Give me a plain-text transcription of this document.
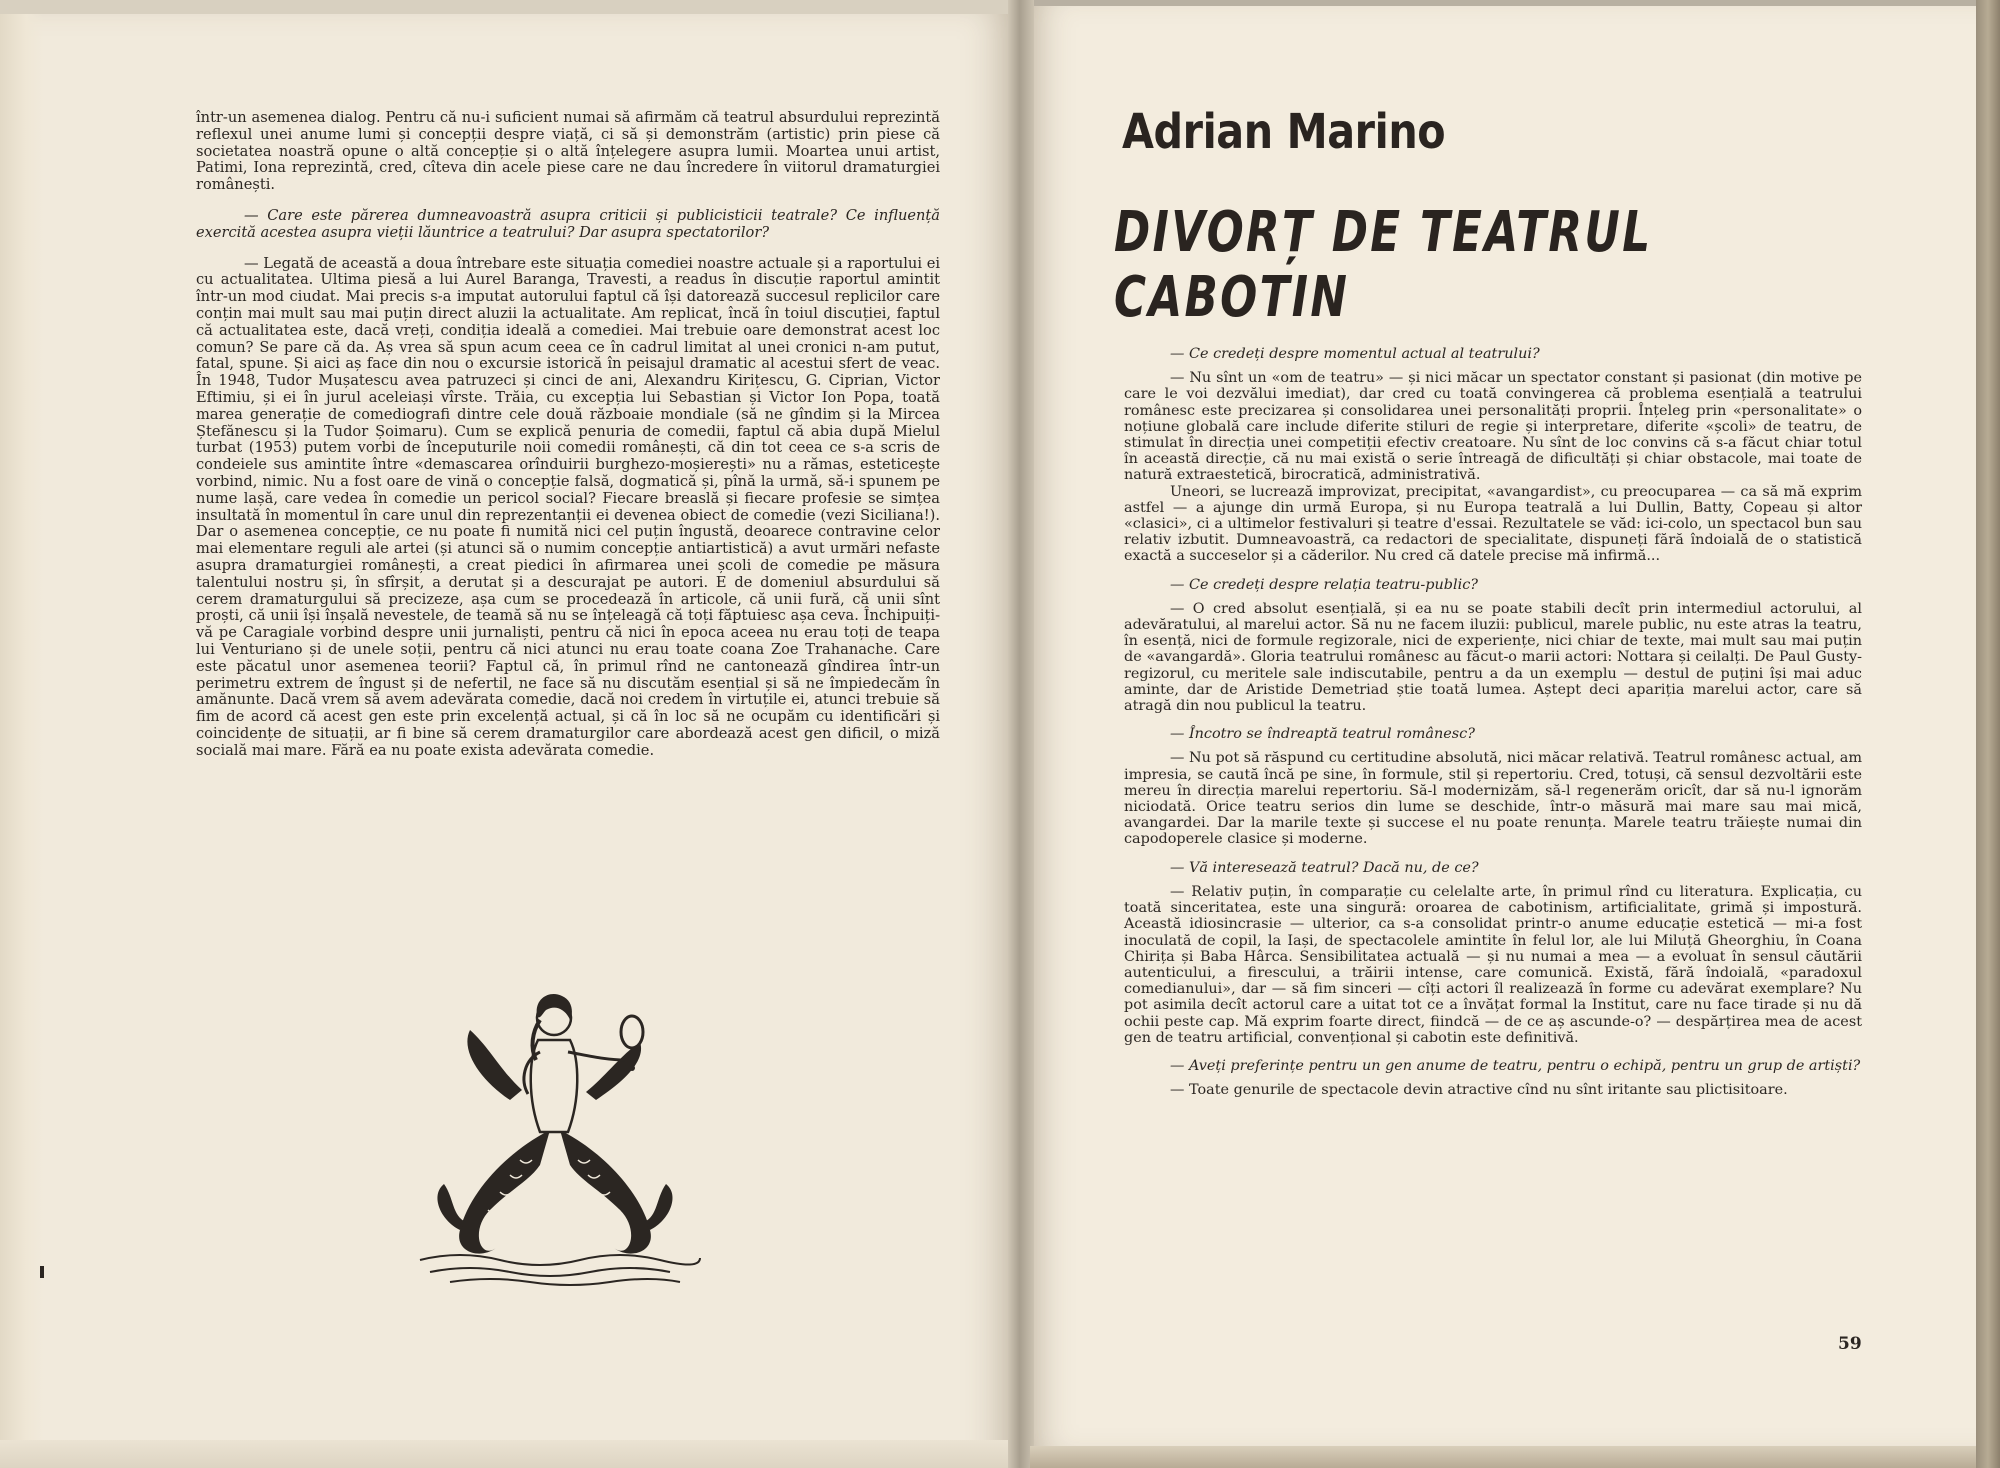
într-un asemenea dialog. Pentru că nu-i suficient numai să afirmăm că teatrul absurdului reprezintă reflexul unei anume lumi și concepții despre viață, ci să și demonstrăm (artistic) prin piese că societatea noastră opune o altă concepție și o altă înțelegere asupra lumii. Moartea unui artist, Patimi, Iona reprezintă, cred, cîteva din acele piese care ne dau încredere în viitorul dramaturgiei românești.

— Care este părerea dumneavoastră asupra criticii și publicisticii teatrale? Ce influență exercită acestea asupra vieții lăuntrice a teatrului? Dar asupra spectatorilor?

— Legată de această a doua întrebare este situația comediei noastre actuale și a raportului ei cu actualitatea. Ultima piesă a lui Aurel Baranga, Travesti, a readus în discuție raportul amintit într-un mod ciudat. Mai precis s-a imputat autorului faptul că își datorează succesul replicilor care conțin mai mult sau mai puțin direct aluzii la actualitate. Am replicat, încă în toiul discuției, faptul că actualitatea este, dacă vreți, condiția ideală a comediei. Mai trebuie oare demonstrat acest loc comun? Se pare că da. Aș vrea să spun acum ceea ce în cadrul limitat al unei cronici n-am putut, fatal, spune. Și aici aș face din nou o excursie istorică în peisajul dramatic al acestui sfert de veac. În 1948, Tudor Mușatescu avea patruzeci și cinci de ani, Alexandru Kirițescu, G. Ciprian, Victor Eftimiu, și ei în jurul aceleiași vîrste. Trăia, cu excepția lui Sebastian și Victor Ion Popa, toată marea generație de comediografi dintre cele două războaie mondiale (să ne gîndim și la Mircea Ștefănescu și la Tudor Șoimaru). Cum se explică penuria de comedii, faptul că abia după Mielul turbat (1953) putem vorbi de începuturile noii comedii românești, că din tot ceea ce s-a scris de condeiele sus amintite între «demascarea orînduirii burghezo-moșierești» nu a rămas, esteticește vorbind, nimic. Nu a fost oare de vină o concepție falsă, dogmatică și, pînă la urmă, să-i spunem pe nume lașă, care vedea în comedie un pericol social? Fiecare breaslă și fiecare profesie se simțea insultată în momentul în care unul din reprezentanții ei devenea obiect de comedie (vezi Siciliana!). Dar o asemenea concepție, ce nu poate fi numită nici cel puțin îngustă, deoarece contravine celor mai elementare reguli ale artei (și atunci să o numim concepție antiartistică) a avut urmări nefaste asupra dramaturgiei românești, a creat piedici în afirmarea unei școli de comedie pe măsura talentului nostru și, în sfîrșit, a derutat și a descurajat pe autori. E de domeniul absurdului să cerem dramaturgului să precizeze, așa cum se procedează în articole, că unii fură, că unii sînt proști, că unii își înșală nevestele, de teamă să nu se înțeleagă că toți făptuiesc așa ceva. Închipuiți-vă pe Caragiale vorbind despre unii jurnaliști, pentru că nici în epoca aceea nu erau toți de teapa lui Venturiano și de unele soții, pentru că nici atunci nu erau toate coana Zoe Trahanache. Care este păcatul unor asemenea teorii? Faptul că, în primul rînd ne cantonează gîndirea într-un perimetru extrem de îngust și de nefertil, ne face să nu discutăm esențial și să ne împiedecăm în amănunte. Dacă vrem să avem adevărata comedie, dacă noi credem în virtuțile ei, atunci trebuie să fim de acord că acest gen este prin excelență actual, și că în loc să ne ocupăm cu identificări și coincidențe de situații, ar fi bine să cerem dramaturgilor care abordează acest gen dificil, o miză socială mai mare. Fără ea nu poate exista adevărata comedie.

Adrian Marino
DIVORȚ DE TEATRUL CABOTIN

— Ce credeți despre momentul actual al teatrului?

— Nu sînt un «om de teatru» — și nici măcar un spectator constant și pasionat (din motive pe care le voi dezvălui imediat), dar cred cu toată convingerea că problema esențială a teatrului românesc este precizarea și consolidarea unei personalități proprii. Înțeleg prin «personalitate» o noțiune globală care include diferite stiluri de regie și interpretare, diferite «școli» de teatru, de stimulat în direcția unei competiții efectiv creatoare. Nu sînt de loc convins că s-a făcut chiar totul în această direcție, că nu mai există o serie întreagă de dificultăți și chiar obstacole, mai toate de natură extraestetică, birocratică, administrativă.

Uneori, se lucrează improvizat, precipitat, «avangardist», cu preocuparea — ca să mă exprim astfel — a ajunge din urmă Europa, și nu Europa teatrală a lui Dullin, Batty, Copeau și altor «clasici», ci a ultimelor festivaluri și teatre d'essai. Rezultatele se văd: ici-colo, un spectacol bun sau relativ izbutit. Dumneavoastră, ca redactori de specialitate, dispuneți fără îndoială de o statistică exactă a succeselor și a căderilor. Nu cred că datele precise mă infirmă...

— Ce credeți despre relația teatru-public?

— O cred absolut esențială, și ea nu se poate stabili decît prin intermediul actorului, al adevăratului, al marelui actor. Să nu ne facem iluzii: publicul, marele public, nu este atras la teatru, în esență, nici de formule regizorale, nici de experiențe, nici chiar de texte, mai mult sau mai puțin de «avangardă». Gloria teatrului românesc au făcut-o marii actori: Nottara și ceilalți. De Paul Gusty-regizorul, cu meritele sale indiscutabile, pentru a da un exemplu — destul de puțini își mai aduc aminte, dar de Aristide Demetriad știe toată lumea. Aștept deci apariția marelui actor, care să atragă din nou publicul la teatru.

— Încotro se îndreaptă teatrul românesc?

— Nu pot să răspund cu certitudine absolută, nici măcar relativă. Teatrul românesc actual, am impresia, se caută încă pe sine, în formule, stil și repertoriu. Cred, totuși, că sensul dezvoltării este mereu în direcția marelui repertoriu. Să-l modernizăm, să-l regenerăm oricît, dar să nu-l ignorăm niciodată. Orice teatru serios din lume se deschide, într-o măsură mai mare sau mai mică, avangardei. Dar la marile texte și succese el nu poate renunța. Marele teatru trăiește numai din capodoperele clasice și moderne.

— Vă interesează teatrul? Dacă nu, de ce?

— Relativ puțin, în comparație cu celelalte arte, în primul rînd cu literatura. Explicația, cu toată sinceritatea, este una singură: oroarea de cabotinism, artificialitate, grimă și impostură. Această idiosincrasie — ulterior, ca s-a consolidat printr-o anume educație estetică — mi-a fost inoculată de copil, la Iași, de spectacolele amintite în felul lor, ale lui Miluță Gheorghiu, în Coana Chirița și Baba Hârca. Sensibilitatea actuală — și nu numai a mea — a evoluat în sensul căutării autenticului, a firescului, a trăirii intense, care comunică. Există, fără îndoială, «paradoxul comedianului», dar — să fim sinceri — cîți actori îl realizează în forme cu adevărat exemplare? Nu pot asimila decît actorul care a uitat tot ce a învățat formal la Institut, care nu face tirade și nu dă ochii peste cap. Mă exprim foarte direct, fiindcă — de ce aș ascunde-o? — despărțirea mea de acest gen de teatru artificial, convențional și cabotin este definitivă.

— Aveți preferințe pentru un gen anume de teatru, pentru o echipă, pentru un grup de artiști?

— Toate genurile de spectacole devin atractive cînd nu sînt iritante sau plictisitoare.

59
